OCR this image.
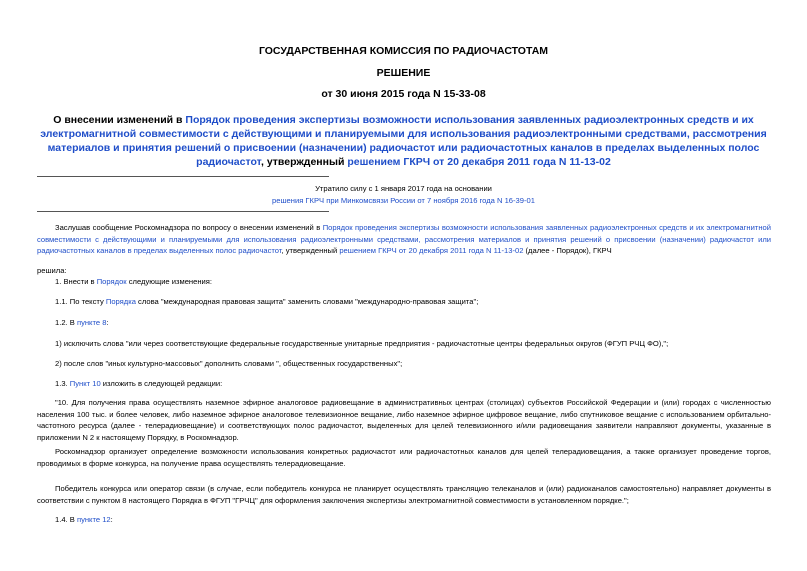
ГОСУДАРСТВЕННАЯ КОМИССИЯ ПО РАДИОЧАСТОТАМ
РЕШЕНИЕ
от 30 июня 2015 года N 15-33-08
О внесении изменений в Порядок проведения экспертизы возможности использования заявленных радиоэлектронных средств и их электромагнитной совместимости с действующими и планируемыми для использования радиоэлектронными средствами, рассмотрения материалов и принятия решений о присвоении (назначении) радиочастот или радиочастотных каналов в пределах выделенных полос радиочастот, утвержденный решением ГКРЧ от 20 декабря 2011 года N 11-13-02
Утратило силу с 1 января 2017 года на основании
решения ГКРЧ при Минкомсвязи России от 7 ноября 2016 года N 16-39-01
Заслушав сообщение Роскомнадзора по вопросу о внесении изменений в Порядок проведения экспертизы возможности использования заявленных радиоэлектронных средств и их электромагнитной совместимости с действующими и планируемыми для использования радиоэлектронными средствами, рассмотрения материалов и принятия решений о присвоении (назначении) радиочастот или радиочастотных каналов в пределах выделенных полос радиочастот, утвержденный решением ГКРЧ от 20 декабря 2011 года N 11-13-02 (далее - Порядок), ГКРЧ
решила:
1. Внести в Порядок следующие изменения:
1.1. По тексту Порядка слова "международная правовая защита" заменить словами "международно-правовая защита";
1.2. В пункте 8:
1) исключить слова "или через соответствующие федеральные государственные унитарные предприятия - радиочастотные центры федеральных округов (ФГУП РЧЦ ФО),";
2) после слов "иных культурно-массовых" дополнить словами ", общественных государственных";
1.3. Пункт 10 изложить в следующей редакции:
"10. Для получения права осуществлять наземное эфирное аналоговое радиовещание в административных центрах (столицах) субъектов Российской Федерации и (или) городах с численностью населения 100 тыс. и более человек, либо наземное эфирное аналоговое телевизионное вещание, либо наземное эфирное цифровое вещание, либо спутниковое вещание с использованием орбитально-частотного ресурса (далее - телерадиовещание) и соответствующих полос радиочастот, выделенных для целей телевизионного и/или радиовещания заявители направляют документы, указанные в приложении N 2 к настоящему Порядку, в Роскомнадзор.
Роскомнадзор организует определение возможности использования конкретных радиочастот или радиочастотных каналов для целей телерадиовещания, а также организует проведение торгов, проводимых в форме конкурса, на получение права осуществлять телерадиовещание.
Победитель конкурса или оператор связи (в случае, если победитель конкурса не планирует осуществлять трансляцию телеканалов и (или) радиоканалов самостоятельно) направляет документы в соответствии с пунктом 8 настоящего Порядка в ФГУП "ГРЧЦ" для оформления заключения экспертизы электромагнитной совместимости в установленном порядке.";
1.4. В пункте 12:
